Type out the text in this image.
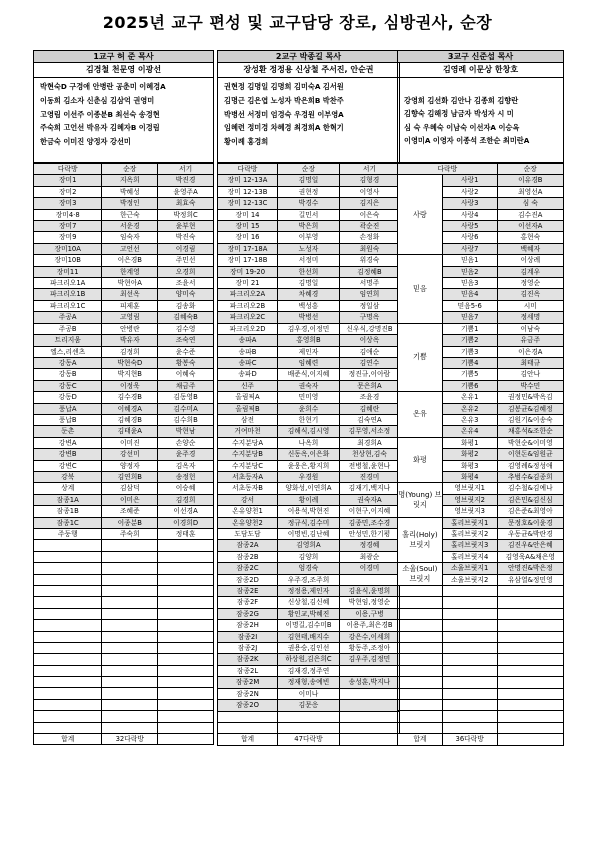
2025년 교구 편성 및 교구담당 장로, 심방권사, 순장
1교구 허 준 목사
김경철 천문영 이광선
박현숙D 구경애 안병란 공춘미 이혜경A
이동희 김소자 신춘심 김삼억 권영미
고영림 이선주 이종분B 최선숙 송경현
주숙희 고언선 박유자 김혜자B 이경림
한금숙 이미진 양정자 강선미
다락방	순장	서기
장미1	지옥희	박진경
장미2	박혜성	윤영주A
장미3	박정인	최효숙
장미4·8	한근숙	박정희C
장미7	서운경	윤부현
장미9	임숙자	박진숙
장미10A	고언선	이경림
장미10B	이은경B	주민선
장미11	한계영	오경희
파크리오1A	박현아A	조윤서
파크리오1B	최선옥	양미숙
파크리오1C	피제훈	김송화
주공A	고영림	김혜숙B
주공B	안병란	김수영
트리지움	박유자	조숙연
엘스,리센츠	김정희	윤수준
강동A	박현숙D	황봉숙
강동B	박지현B	이혜숙
강동C	이정욱	채금주
강동D	김수경B	김동영B
풍납A	이혜경A	김수미A
풍납B	김혜경B	김수희B
둔촌	김태윤A	박현남
강변A	이미진	손양순
강변B	강선미	윤주경
강변C	양정자	김옥자
강북	김연희B	송정헌
상계	김삼덕	이승혜
잠종1A	이미은	김경희
잠종1B	조혜준	이선경A
잠종1C	이종분B	이경희D
주둥행	주숙희	정태훈

합계	32다락방	
2교구 박종길 목사
장성환 정정용 신상철 주서진, 안순권
권현정 김명일 김명희 김미숙A 김서원
김명근 김은엽 노성자 박은희B 박찬주
박병선 서정미 엄경숙 우경원 이부영A
임혜련 정미경 차혜경 최경희A 한혁기
황이례 홍경희
다락방	순장	서기
장미 12-13A	김명일	김형경
장미 12-13B	권현정	이영사
장미 12-13C	박경수	김지은
장미 14	길민서	이은숙
장미 15	박은희	곽순진
장미 16	이부영	손정화
장미 17-18A	노성자	최원숙
장미 17-18B	서정미	위경숙
장미 19-20	한선희	김정혜B
장미 21	김명일	서명주
파크리오2A	차혜경	임연희
파크리오2B	백성흥	정일삼
파크리오2C	박병선	구명옥
파크리오2D	김우경,이정민	신우식,강명진B
송파A	홍영희B	이상옥
송파B	제인자	김애순
송파C	임혜련	김연수
송파D	배준식,이지혜	정진규,이아람
신주	권숙자	문은희A
올림픽A	민미영	조윤경
올림픽B	윤희수	김혜란
삼전	한현기	김숙연A
거여마천	김해식,김시영	김무영,서소정
수지분당A	나옥희	최경희A
수지분당B	신동옥,이은화	천상현,김숙
수지분당C	윤웅은,황지희	전병철,윤현나
서초등자A	우경원	진경미
서초동자B	양화성,이연희A	김재기,백지나
강서	황이례	권숙자A
온유양천1	이용석,박현진	이현구,이지혜
온유양천2	정규식,김수미	김종민,조수경
도담도담	이명빈,김난혜	안성민,한기평
잠종2A	김영희A	정경혜
잠종2B	김양희	최광순
잠종2C	엄경숙	이경미
잠종2D	우주경,조주희	
잠종2E	정정용,제인자	김윤식,윤명희
잠종2F	신상철,김신혜	박현임,정영순
잠종2G	황인교,박혜진	이용,구병
잠종2H	이명길,김수미B	이용주,최은경B
잠종2I	김현태,배지수	강은수,이세희
잠종2J	권용승,김인선	황동주,조정아
잠종2K	하상원,김은희C	김우주,김정민
잠종2L	김재경,정주연	
잠종2M	정재형,송예빈	송성훈,박지나
잠종2N	이미나	
잠종2O	김문응	

합계	47다락방	
3교구 신준섭 목사
김영례 이문상 한창호
강영희 김선화 김안나 김종희 김향란
김향숙 김해정 남금자 박성자 시 미
심 숙 우혜숙 이남숙 이선자A 이승옥
이영미A 이영자 이종석 조한순 최미란A
다락방		순장
사랑	사랑1	이유경B
	사랑2	최영선A
	사랑3	심 숙
	사랑4	김수진A
	사랑5	이선자A
	사랑6	홍현숙
	사랑7	백혜자
믿음	믿음1	이상례
	믿음2	김계우
	믿음3	정영순
	믿음4	김진옥
	믿음5-6	시미
	믿음7	정세명
기쁨	기쁨1	이남숙
	기쁨2	유금주
	기쁨3	이은경A
	기쁨4	최태규
	기쁨5	김안나
	기쁨6	박수민
온유	온유1	권정민&박옥김
	온유2	김봉균&김혜정
	온유3	김원기&이송숙
	온유4	채홍석&조한순
화평	화평1	박현순&이미영
	화평2	이현돈&임원균
	화평3	김영례&정성애
	화평4	추범수&김종희
명(Young) 브릿지	영브릿지1	김수철&김예나
	영브릿지2	김은민&김신심
	영브릿지3	김은준&최영아
홀리(Holy) 브릿지	홀리브릿지1	문정호&이윤경
	홀리브릿지2	우동균&박란경
	홀리브릿지3	김진우&안은혜
	홀리브릿지4	김영욱A&채은영
소울(Soul) 브릿지	소울브릿지1	안명진&박은정
	소울브릿지2	유삼열&정민영

합계	36다락방	
